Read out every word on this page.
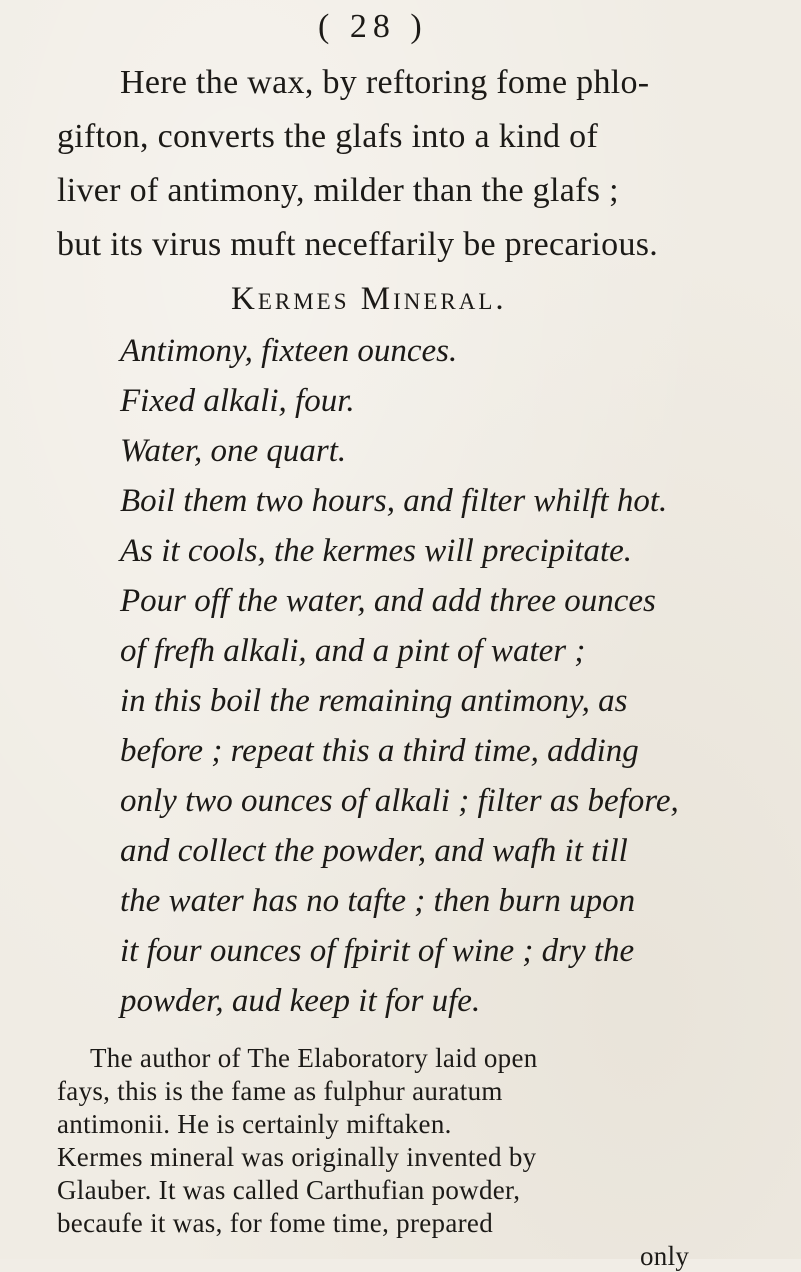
( 28 )

Here the wax, by reftoring fome phlo-

gifton, converts the glafs into a kind of

liver of antimony, milder than the glafs ;

but its virus muft neceffarily be precarious.

Kermes Mineral.

Antimony, fixteen ounces.

Fixed alkali, four.

Water, one quart.

Boil them two hours, and filter whilft hot.

As it cools, the kermes will precipitate.

Pour off the water, and add three ounces

of frefh alkali, and a pint of water ;

in this boil the remaining antimony, as

before ; repeat this a third time, adding

only two ounces of alkali ; filter as before,

and collect the powder, and wafh it till

the water has no tafte ; then burn upon

it four ounces of fpirit of wine ; dry the

powder, aud keep it for ufe.

The author of The Elaboratory laid open

fays, this is the fame as fulphur auratum

antimonii. He is certainly miftaken.

Kermes mineral was originally invented by

Glauber. It was called Carthufian powder,

becaufe it was, for fome time, prepared

only
